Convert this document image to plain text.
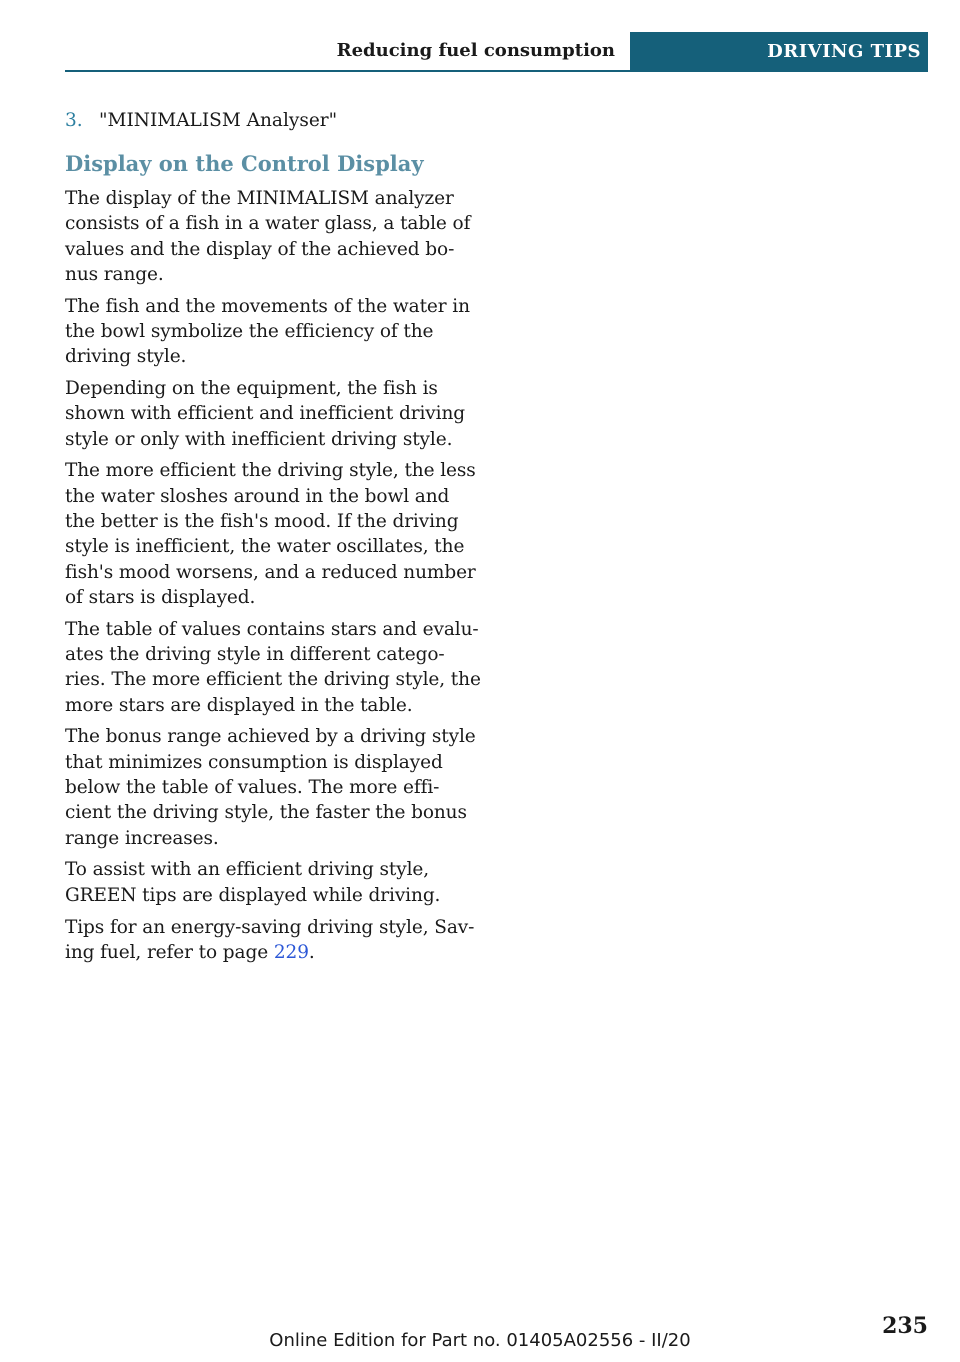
Reducing fuel consumption	DRIVING TIPS
3. "MINIMALISM Analyser"
Display on the Control Display

The display of the MINIMALISM analyzer consists of a fish in a water glass, a table of values and the display of the achieved bo-nus range.

The fish and the movements of the water in the bowl symbolize the efficiency of the driving style.

Depending on the equipment, the fish is shown with efficient and inefficient driving style or only with inefficient driving style.

The more efficient the driving style, the less the water sloshes around in the bowl and the better is the fish's mood. If the driving style is inefficient, the water oscillates, the fish's mood worsens, and a reduced number of stars is displayed.

The table of values contains stars and evalu-ates the driving style in different catego-ries. The more efficient the driving style, the more stars are displayed in the table.

The bonus range achieved by a driving style that minimizes consumption is displayed below the table of values. The more effi-cient the driving style, the faster the bonus range increases.

To assist with an efficient driving style, GREEN tips are displayed while driving.

Tips for an energy-saving driving style, Sav-ing fuel, refer to page 229.

235
Online Edition for Part no. 01405A02556 - II/20
